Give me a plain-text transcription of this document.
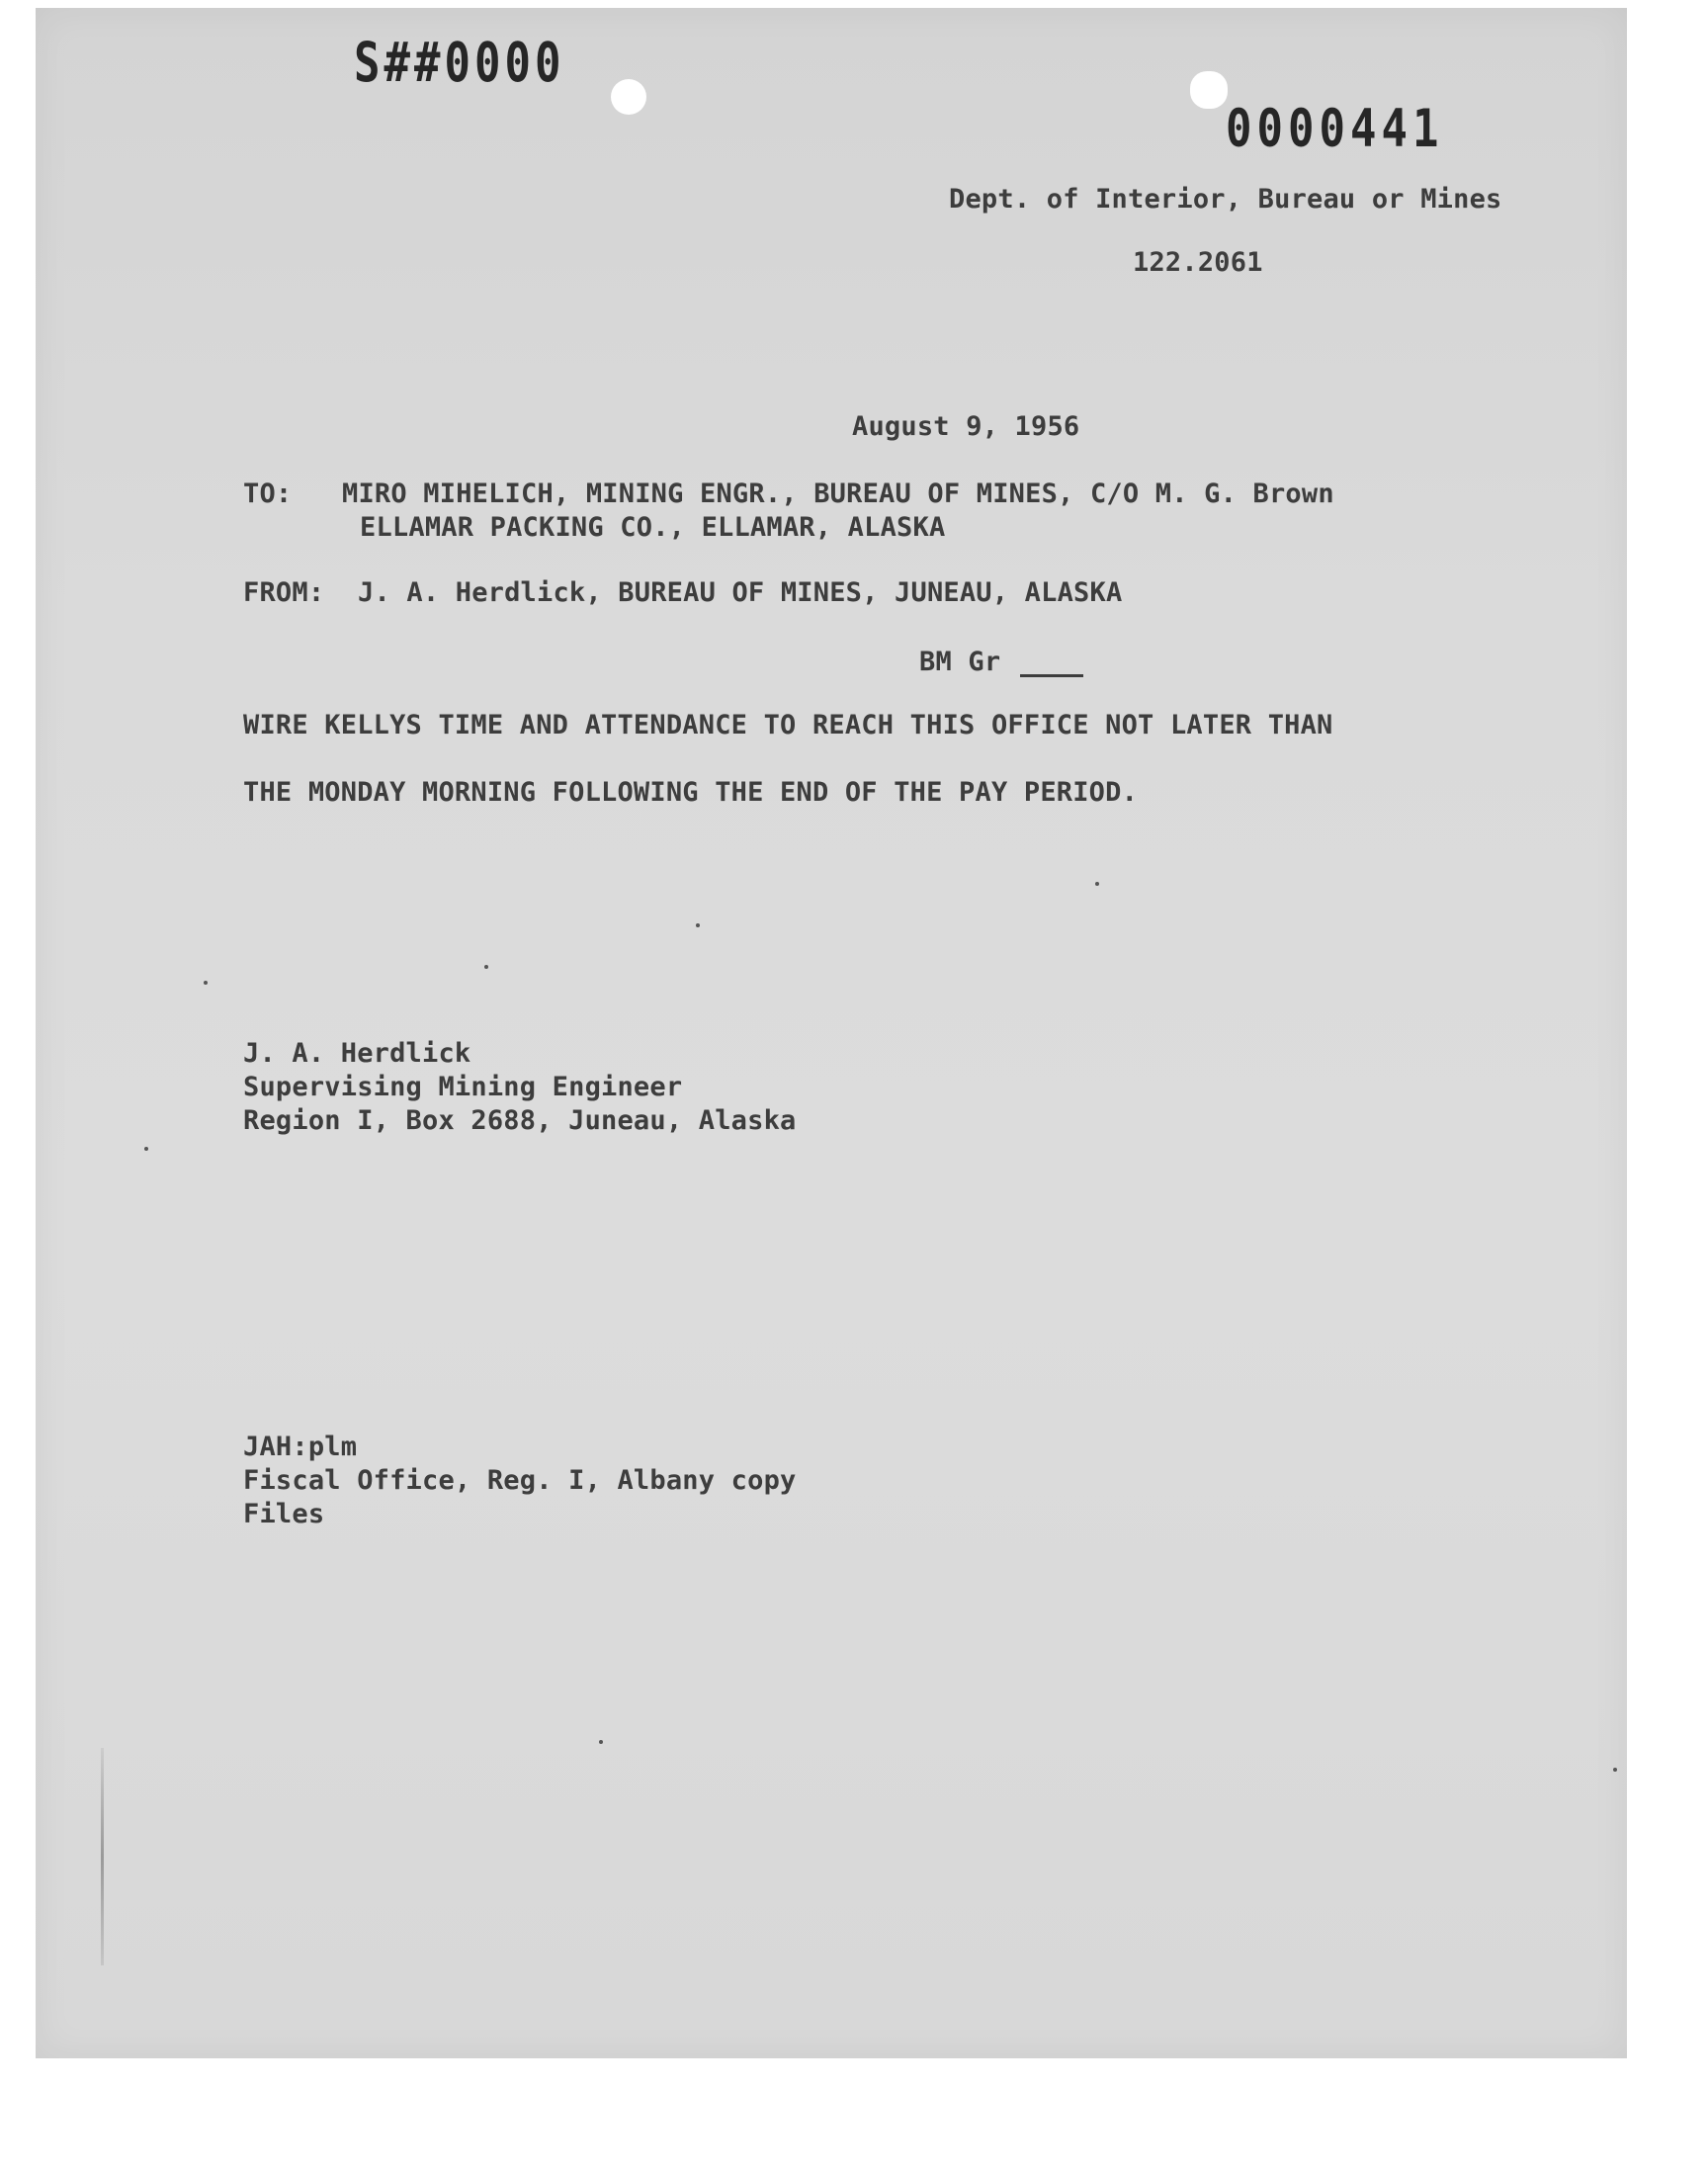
S##0000
0000441
Dept. of Interior, Bureau or Mines
122.2061
August 9, 1956
TO: MIRO MIHELICH, MINING ENGR., BUREAU OF MINES, C/O M. G. Brown
ELLAMAR PACKING CO., ELLAMAR, ALASKA
FROM: J. A. Herdlick, BUREAU OF MINES, JUNEAU, ALASKA
BM Gr
WIRE KELLYS TIME AND ATTENDANCE TO REACH THIS OFFICE NOT LATER THAN
THE MONDAY MORNING FOLLOWING THE END OF THE PAY PERIOD.
J. A. Herdlick
Supervising Mining Engineer
Region I, Box 2688, Juneau, Alaska
JAH:plm
Fiscal Office, Reg. I, Albany copy
Files
